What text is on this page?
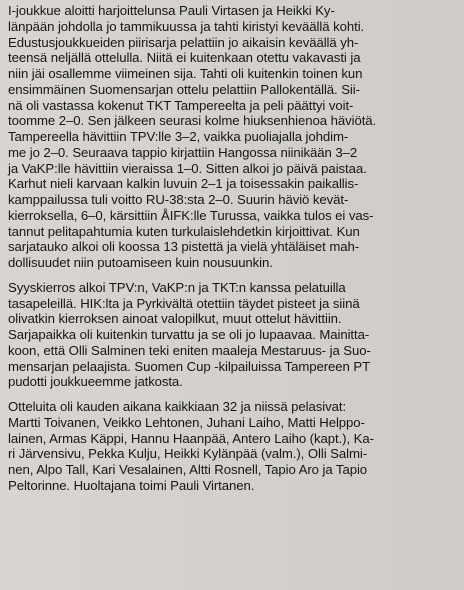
I-joukkue aloitti harjoittelunsa Pauli Virtasen ja Heikki Ky-
länpään johdolla jo tammikuussa ja tahti kiristyi keväällä kohti.
Edustusjoukkueiden piirisarja pelattiin jo aikaisin keväällä yh-
teensä neljällä ottelulla. Niitä ei kuitenkaan otettu vakavasti ja
niin jäi osallemme viimeinen sija. Tahti oli kuitenkin toinen kun
ensimmäinen Suomensarjan ottelu pelattiin Pallokentällä. Sii-
nä oli vastassa kokenut TKT Tampereelta ja peli päättyi voit-
toomme 2–0. Sen jälkeen seurasi kolme hiuksenhienoa häviötä.
Tampereella hävittiin TPV:lle 3–2, vaikka puoliajalla johdim-
me jo 2–0. Seuraava tappio kirjattiin Hangossa niinikään 3–2
ja VaKP:lle hävittiin vieraissa 1–0. Sitten alkoi jo päivä paistaa.
Karhut nieli karvaan kalkin luvuin 2–1 ja toisessakin paikallis-
kamppailussa tuli voitto RU-38:sta 2–0. Suurin häviö kevät-
kierroksella, 6–0, kärsittiin ÅIFK:lle Turussa, vaikka tulos ei vas-
tannut pelitapahtumia kuten turkulaislehdetkin kirjoittivat. Kun
sarjatauko alkoi oli koossa 13 pistettä ja vielä yhtäläiset mah-
dollisuudet niin putoamiseen kuin nousuunkin.
Syyskierros alkoi TPV:n, VaKP:n ja TKT:n kanssa pelatuilla
tasapeleillä. HIK:lta ja Pyrkivältä otettiin täydet pisteet ja siinä
olivatkin kierroksen ainoat valopilkut, muut ottelut hävittiin.
Sarjapaikka oli kuitenkin turvattu ja se oli jo lupaavaa. Mainitta-
koon, että Olli Salminen teki eniten maaleja Mestaruus- ja Suo-
mensarjan pelaajista. Suomen Cup -kilpailuissa Tampereen PT
pudotti joukkueemme jatkosta.
Otteluita oli kauden aikana kaikkiaan 32 ja niissä pelasivat:
Martti Toivanen, Veikko Lehtonen, Juhani Laiho, Matti Helppo-
lainen, Armas Käppi, Hannu Haanpää, Antero Laiho (kapt.), Ka-
ri Järvensivu, Pekka Kulju, Heikki Kylänpää (valm.), Olli Salmi-
nen, Alpo Tall, Kari Vesalainen, Altti Rosnell, Tapio Aro ja Tapio
Peltorinne. Huoltajana toimi Pauli Virtanen.
